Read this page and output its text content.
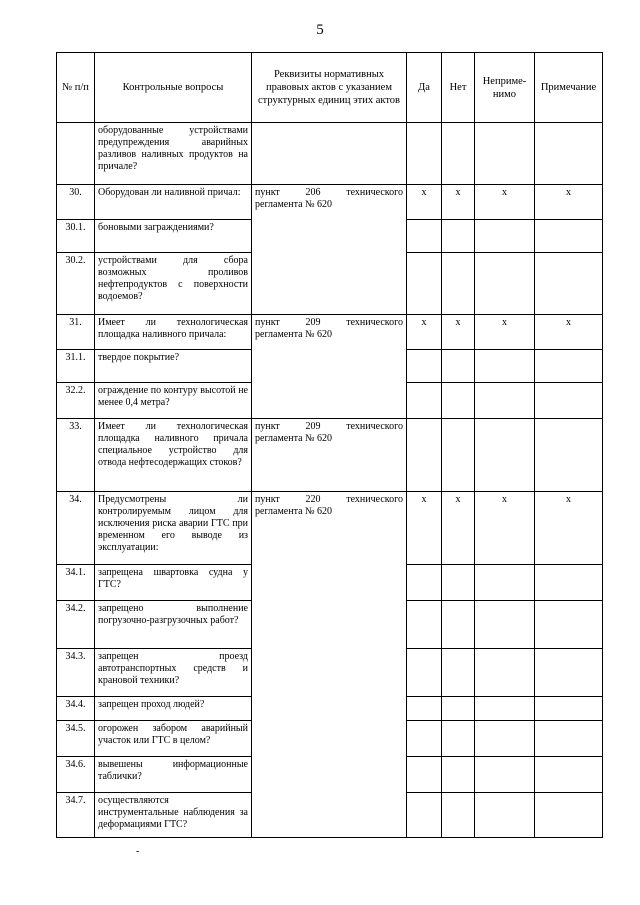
5
№ п/п	Контрольные вопросы	Реквизиты нормативных правовых актов с указанием структурных единиц этих актов	Да	Нет	Неприме-нимо	Примечание
	оборудованные устройствами предупреждения аварийных разливов наливных продуктов на причале?					
30.	Оборудован ли наливной причал:	пункт 206 технического регламента № 620	x	x	x	x
30.1.	боновыми заграждениями?					
30.2.	устройствами для сбора возможных проливов нефтепродуктов с поверхности водоемов?					
31.	Имеет ли технологическая площадка наливного причала:	пункт 209 технического регламента № 620	x	x	x	x
31.1.	твердое покрытие?					
32.2.	ограждение по контуру высотой не менее 0,4 метра?					
33.	Имеет ли технологическая площадка наливного причала специальное устройство для отвода нефтесодержащих стоков?	пункт 209 технического регламента № 620				
34.	Предусмотрены ли контролируемым лицом для исключения риска аварии ГТС при временном его выводе из эксплуатации:	пункт 220 технического регламента № 620	x	x	x	x
34.1.	запрещена швартовка судна у ГТС?					
34.2.	запрещено выполнение погрузочно-разгрузочных работ?					
34.3.	запрещен проезд автотранспортных средств и крановой техники?					
34.4.	запрещен проход людей?					
34.5.	огорожен забором аварийный участок или ГТС в целом?					
34.6.	вывешены информационные таблички?					
34.7.	осуществляются инструментальные наблюдения за деформациями ГТС?					
-
